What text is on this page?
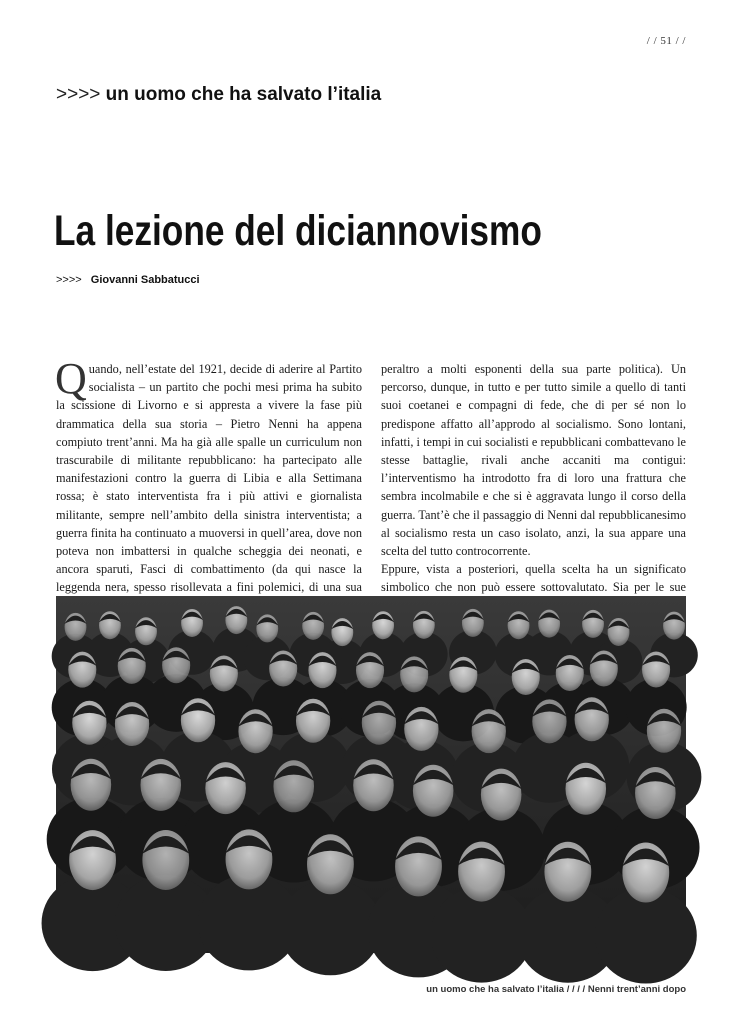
/ / 51 / /
>>>> un uomo che ha salvato l’italia
La lezione del diciannovismo
>>>> Giovanni Sabbatucci

Quando, nell’estate del 1921, decide di aderire al Partito socialista – un partito che pochi mesi prima ha subito la scissione di Livorno e si appresta a vivere la fase più drammatica della sua storia – Pietro Nenni ha appena compiuto trent’anni. Ma ha già alle spalle un curriculum non trascurabile di militante repubblicano: ha partecipato alle manifestazioni contro la guerra di Libia e alla Settimana rossa; è stato interventista fra i più attivi e giornalista militante, sempre nell’ambito della sinistra interventista; a guerra finita ha continuato a muoversi in quell’area, dove non poteva non imbattersi in qualche scheggia dei neonati, e ancora sparuti, Fasci di combattimento (da qui nasce la leggenda nera, spesso risollevata a fini polemici, di una sua

peraltro a molti esponenti della sua parte politica). Un percorso, dunque, in tutto e per tutto simile a quello di tanti suoi coetanei e compagni di fede, che di per sé non lo predispone affatto all’approdo al socialismo. Sono lontani, infatti, i tempi in cui socialisti e repubblicani combattevano le stesse battaglie, rivali anche accaniti ma contigui: l’interventismo ha introdotto fra di loro una frattura che sembra incolmabile e che si è aggravata lungo il corso della guerra. Tant’è che il passaggio di Nenni dal repubblicanesimo al socialismo resta un caso isolato, anzi, la sua appare una scelta del tutto controcorrente.

Eppure, vista a posteriori, quella scelta ha un significato simbolico che non può essere sottovalutato. Sia per le sue

un uomo che ha salvato l’italia / / / / Nenni trent’anni dopo
